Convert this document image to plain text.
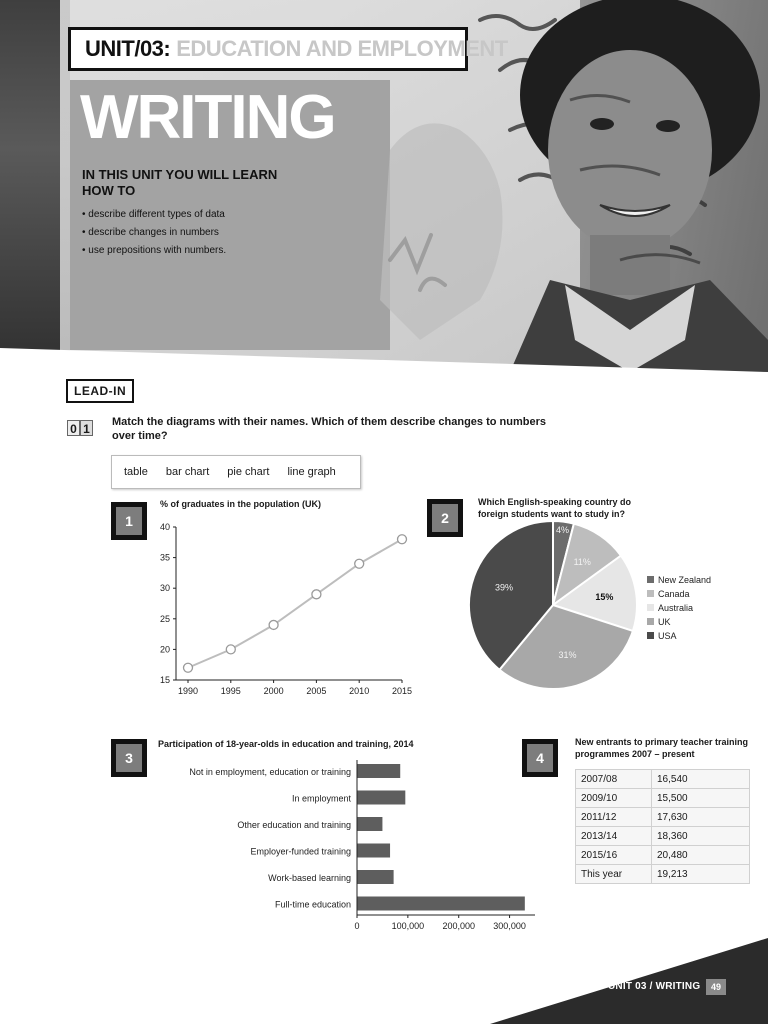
UNIT/03: EDUCATION AND EMPLOYMENT
WRITING
IN THIS UNIT YOU WILL LEARN HOW TO
• describe different types of data
• describe changes in numbers
• use prepositions with numbers.
LEAD-IN
0 1 Match the diagrams with their names. Which of them describe changes to numbers over time?
table bar chart pie chart line graph
1	2
3	4
% of graduates in the population (UK)
15
20
25
30
35
40
1990	1995	2000	2005	2010	2015
Which English-speaking country do foreign students want to study in?
4%
11%
15%
31%
39%
New Zealand
Canada
Australia
UK
USA
Participation of 18-year-olds in education and training, 2014
Not in employment, education or training
In employment
Other education and training
Employer-funded training
Work-based learning
Full-time education
0	100,000 200,000 300,000
New entrants to primary teacher training programmes 2007 – present
2007/08	16,540
2009/10	15,500
2011/12	17,630
2013/14	18,360
2015/16	20,480
This year	19,213
UNIT 03 / WRITING	49
